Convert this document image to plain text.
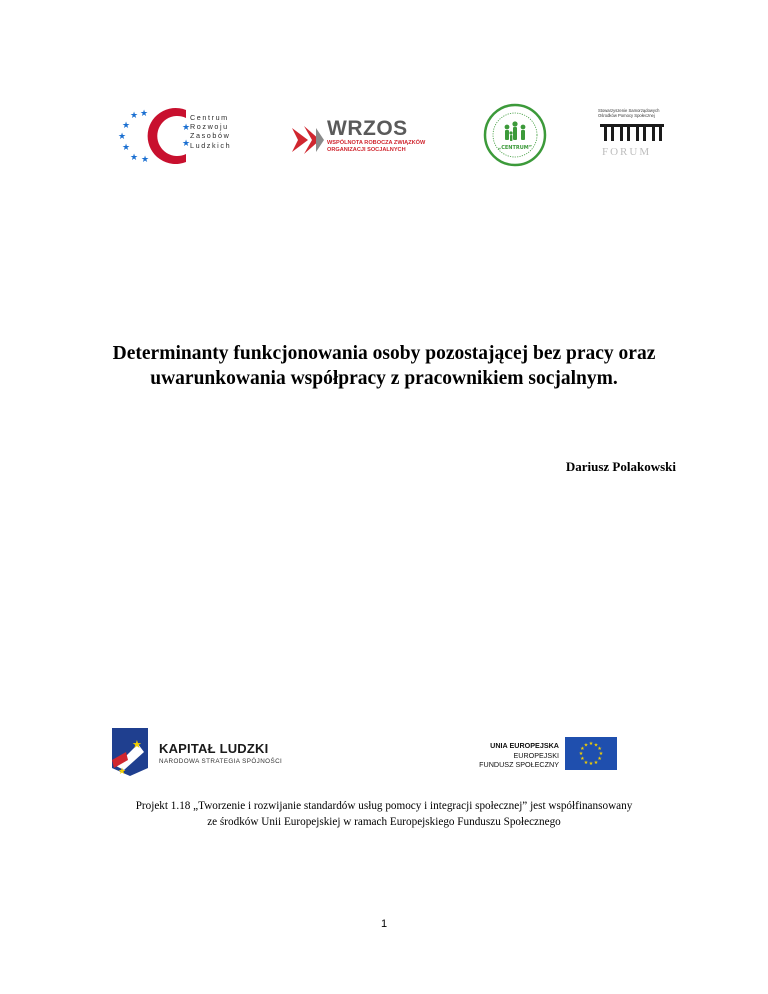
★ ★
★
★
★
★ ★
★
★
Centrum
Rozwoju
Zasobów
Ludzkich
WRZOS
WSPÓLNOTA ROBOCZA ZWIĄZKÓW
ORGANIZACJI SOCJALNYCH	„CENTRUM”
Stowarzyszenie Samorządowych Ośrodków Pomocy Społecznej
FORUM
Determinanty funkcjonowania osoby pozostającej bez pracy oraz
uwarunkowania współpracy z pracownikiem socjalnym.
Dariusz Polakowski
★
★
KAPITAŁ LUDZKI
NARODOWA STRATEGIA SPÓJNOŚCI
UNIA EUROPEJSKA
EUROPEJSKI
FUNDUSZ SPOŁECZNY
★
★
★
★
★
★
★
★
★ ★ ★
★
Projekt 1.18 „Tworzenie i rozwijanie standardów usług pomocy i integracji społecznej” jest współfinansowany
ze środków Unii Europejskiej w ramach Europejskiego Funduszu Społecznego
1
